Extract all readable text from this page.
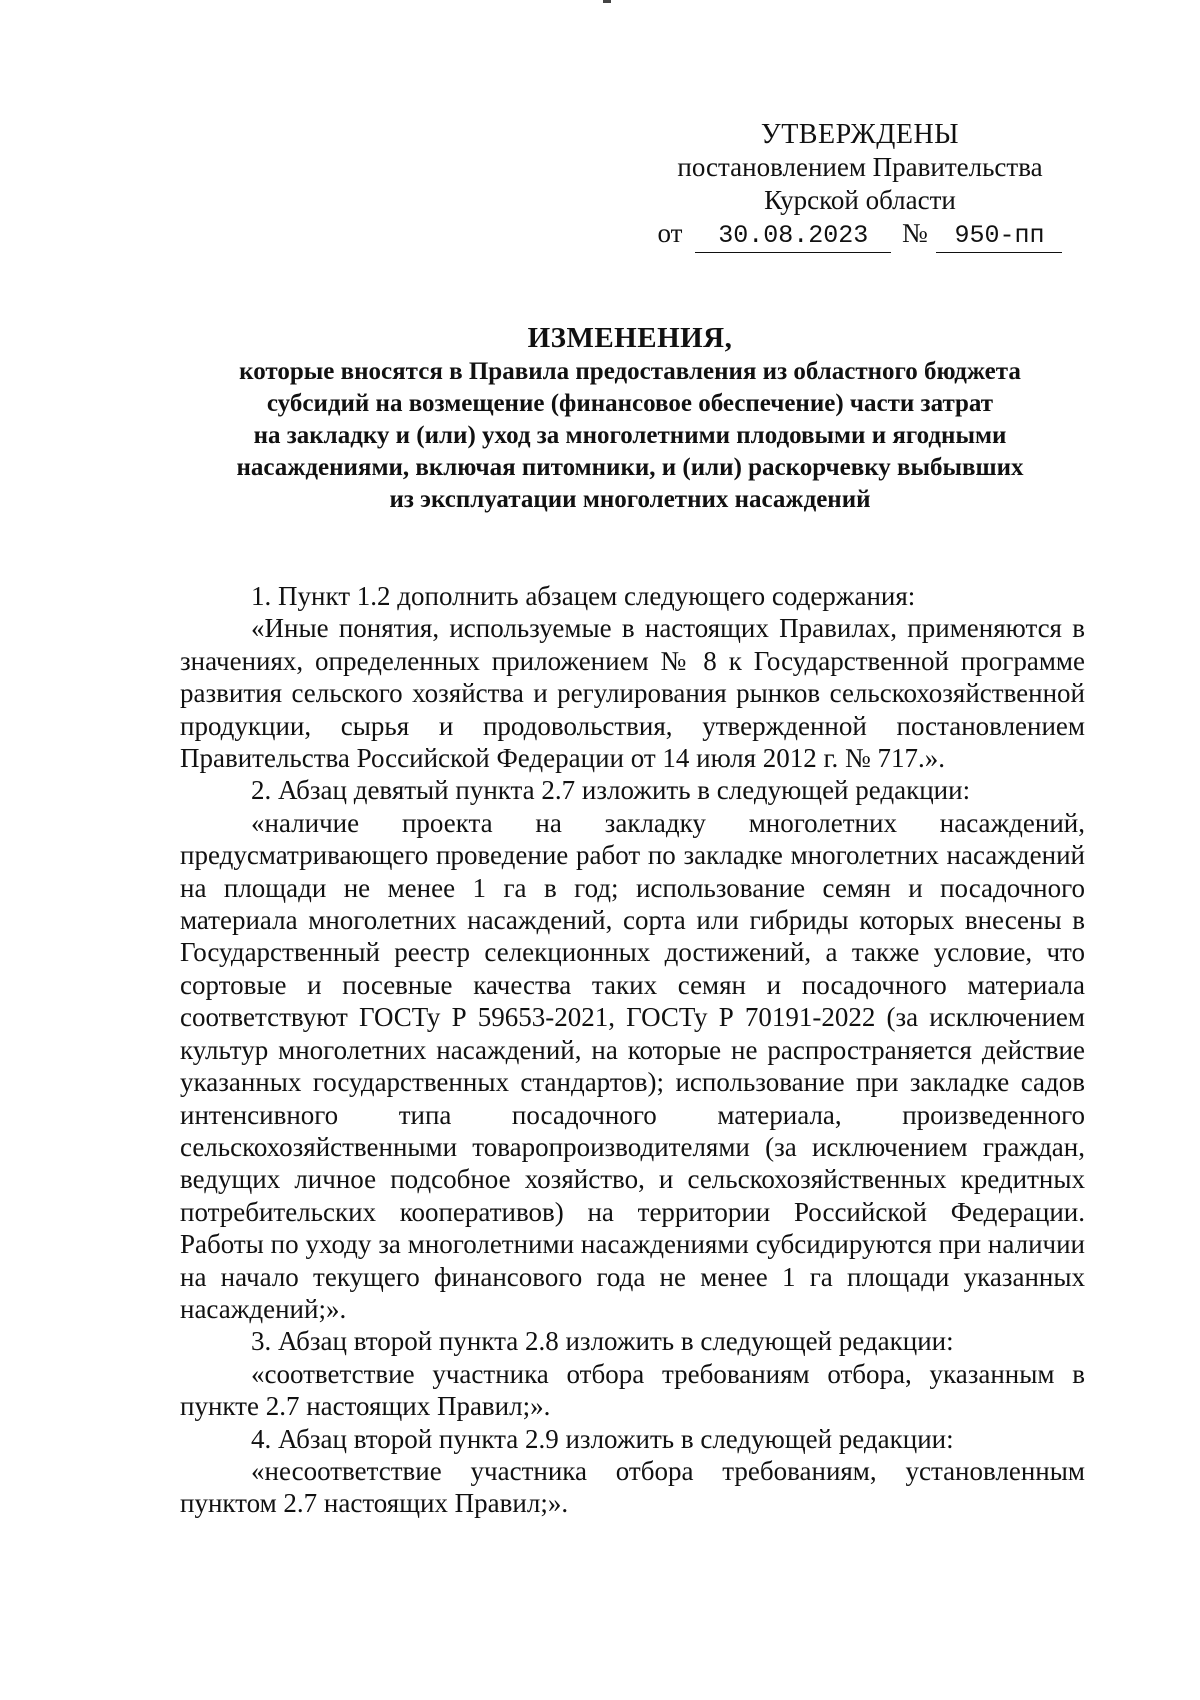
УТВЕРЖДЕНЫ
постановлением Правительства
Курской области
от 30.08.2023 № 950-пп
ИЗМЕНЕНИЯ,
которые вносятся в Правила предоставления из областного бюджета
субсидий на возмещение (финансовое обеспечение) части затрат
на закладку и (или) уход за многолетними плодовыми и ягодными
насаждениями, включая питомники, и (или) раскорчевку выбывших
из эксплуатации многолетних насаждений

1. Пункт 1.2 дополнить абзацем следующего содержания:

«Иные понятия, используемые в настоящих Правилах, применяются в значениях, определенных приложением № 8 к Государственной программе развития сельского хозяйства и регулирования рынков сельскохозяйственной продукции, сырья и продовольствия, утвержденной постановлением Правительства Российской Федерации от 14 июля 2012 г. № 717.».

2. Абзац девятый пункта 2.7 изложить в следующей редакции:

«наличие проекта на закладку многолетних насаждений, предусматривающего проведение работ по закладке многолетних насаждений на площади не менее 1 га в год; использование семян и посадочного материала многолетних насаждений, сорта или гибриды которых внесены в Государственный реестр селекционных достижений, а также условие, что сортовые и посевные качества таких семян и посадочного материала соответствуют ГОСТу Р 59653-2021, ГОСТу Р 70191-2022 (за исключением культур многолетних насаждений, на которые не распространяется действие указанных государственных стандартов); использование при закладке садов интенсивного типа посадочного материала, произведенного сельскохозяйственными товаропроизводителями (за исключением граждан, ведущих личное подсобное хозяйство, и сельскохозяйственных кредитных потребительских кооперативов) на территории Российской Федерации. Работы по уходу за многолетними насаждениями субсидируются при наличии на начало текущего финансового года не менее 1 га площади указанных насаждений;».

3. Абзац второй пункта 2.8 изложить в следующей редакции:

«соответствие участника отбора требованиям отбора, указанным в пункте 2.7 настоящих Правил;».

4. Абзац второй пункта 2.9 изложить в следующей редакции:

«несоответствие участника отбора требованиям, установленным пунктом 2.7 настоящих Правил;».
